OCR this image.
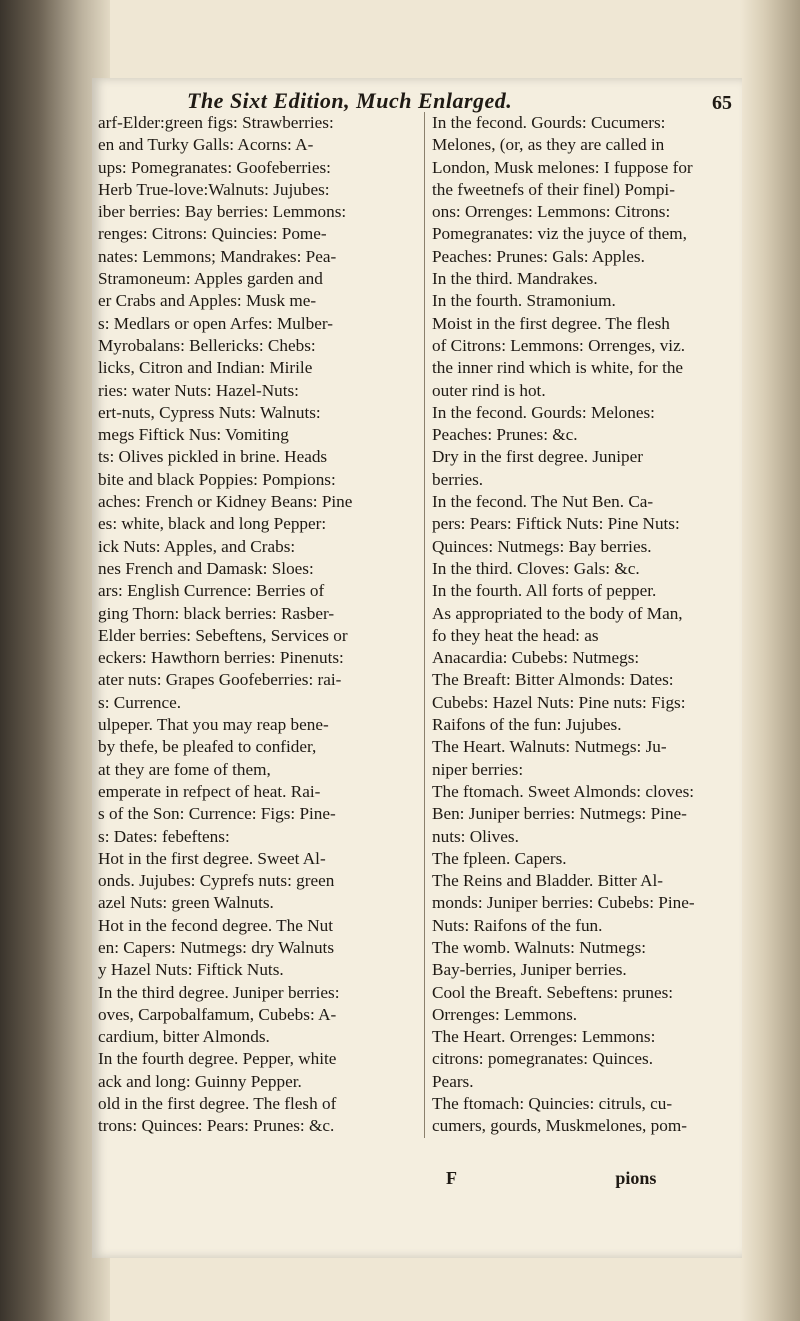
The Sixt Edition, Much Enlarged.	65
arf-Elder:green figs: Strawberries:
en and Turky Galls: Acorns: A-
ups: Pomegranates: Goofeberries:
Herb True-love:Walnuts: Jujubes:
iber berries: Bay berries: Lemmons:
renges: Citrons: Quincies: Pome-
nates: Lemmons; Mandrakes: Pea-
Stramoneum: Apples garden and
er Crabs and Apples: Musk me-
s: Medlars or open Arfes: Mulber-
Myrobalans: Bellericks: Chebs:
licks, Citron and Indian: Mirile
ries: water Nuts: Hazel-Nuts:
ert-nuts, Cypress Nuts: Walnuts:
megs Fiftick Nus: Vomiting
ts: Olives pickled in brine. Heads
bite and black Poppies: Pompions:
aches: French or Kidney Beans: Pine
es: white, black and long Pepper:
ick Nuts: Apples, and Crabs:
nes French and Damask: Sloes:
ars: English Currence: Berries of
ging Thorn: black berries: Rasber-
Elder berries: Sebeftens, Services or
eckers: Hawthorn berries: Pinenuts:
ater nuts: Grapes Goofeberries: rai-
s: Currence.
ulpeper. That you may reap bene-
by thefe, be pleafed to confider,
at they are fome of them,
emperate in refpect of heat. Rai-
s of the Son: Currence: Figs: Pine-
s: Dates: febeftens:
Hot in the first degree. Sweet Al-
onds. Jujubes: Cyprefs nuts: green
azel Nuts: green Walnuts.
Hot in the fecond degree. The Nut
en: Capers: Nutmegs: dry Walnuts
y Hazel Nuts: Fiftick Nuts.
In the third degree. Juniper berries:
oves, Carpobalfamum, Cubebs: A-
cardium, bitter Almonds.
In the fourth degree. Pepper, white
ack and long: Guinny Pepper.
old in the first degree. The flesh of
trons: Quinces: Pears: Prunes: &c.
In the fecond. Gourds: Cucumers:
Melones, (or, as they are called in
London, Musk melones: I fuppose for
the fweetnefs of their finel) Pompi-
ons: Orrenges: Lemmons: Citrons:
Pomegranates: viz the juyce of them,
Peaches: Prunes: Gals: Apples.
In the third. Mandrakes.
In the fourth. Stramonium.
Moist in the first degree. The flesh
of Citrons: Lemmons: Orrenges, viz.
the inner rind which is white, for the
outer rind is hot.
In the fecond. Gourds: Melones:
Peaches: Prunes: &c.
Dry in the first degree. Juniper
berries.
In the fecond. The Nut Ben. Ca-
pers: Pears: Fiftick Nuts: Pine Nuts:
Quinces: Nutmegs: Bay berries.
In the third. Cloves: Gals: &c.
In the fourth. All forts of pepper.
As appropriated to the body of Man,
fo they heat the head: as
Anacardia: Cubebs: Nutmegs:
The Breaft: Bitter Almonds: Dates:
Cubebs: Hazel Nuts: Pine nuts: Figs:
Raifons of the fun: Jujubes.
The Heart. Walnuts: Nutmegs: Ju-
niper berries:
The ftomach. Sweet Almonds: cloves:
Ben: Juniper berries: Nutmegs: Pine-
nuts: Olives.
The fpleen. Capers.
The Reins and Bladder. Bitter Al-
monds: Juniper berries: Cubebs: Pine-
Nuts: Raifons of the fun.
The womb. Walnuts: Nutmegs:
Bay-berries, Juniper berries.
Cool the Breaft. Sebeftens: prunes:
Orrenges: Lemmons.
The Heart. Orrenges: Lemmons:
citrons: pomegranates: Quinces.
Pears.
The ftomach: Quincies: citruls, cu-
cumers, gourds, Muskmelones, pom-
F	pions
